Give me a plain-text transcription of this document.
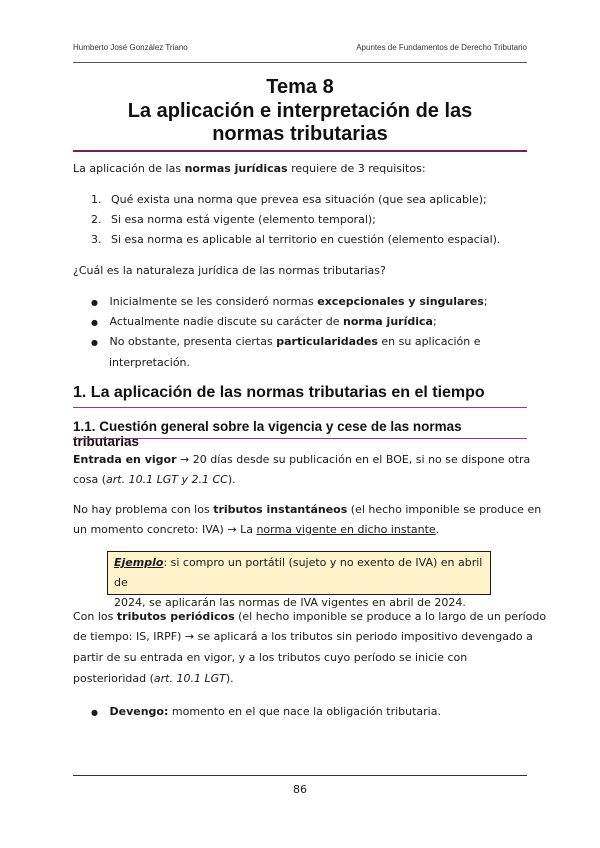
Humberto José González Triano	Apuntes de Fundamentos de Derecho Tributario
Tema 8
La aplicación e interpretación de las
normas tributarias
La aplicación de las normas jurídicas requiere de 3 requisitos:
1. Qué exista una norma que prevea esa situación (que sea aplicable);
2. Si esa norma está vigente (elemento temporal);
3. Si esa norma es aplicable al territorio en cuestión (elemento espacial).
¿Cuál es la naturaleza jurídica de las normas tributarias?
● Inicialmente se les consideró normas excepcionales y singulares;
● Actualmente nadie discute su carácter de norma jurídica;
● No obstante, presenta ciertas particularidades en su aplicación e
interpretación.
1. La aplicación de las normas tributarias en el tiempo
1.1. Cuestión general sobre la vigencia y cese de las normas tributarias
Entrada en vigor → 20 días desde su publicación en el BOE, si no se dispone otra
cosa (art. 10.1 LGT y 2.1 CC).
No hay problema con los tributos instantáneos (el hecho imponible se produce en
un momento concreto: IVA) → La norma vigente en dicho instante.
Ejemplo: si compro un portátil (sujeto y no exento de IVA) en abril de
2024, se aplicarán las normas de IVA vigentes en abril de 2024.
Con los tributos periódicos (el hecho imponible se produce a lo largo de un período
de tiempo: IS, IRPF) → se aplicará a los tributos sin periodo impositivo devengado a
partir de su entrada en vigor, y a los tributos cuyo período se inicie con
posterioridad (art. 10.1 LGT).
● Devengo: momento en el que nace la obligación tributaria.
86
